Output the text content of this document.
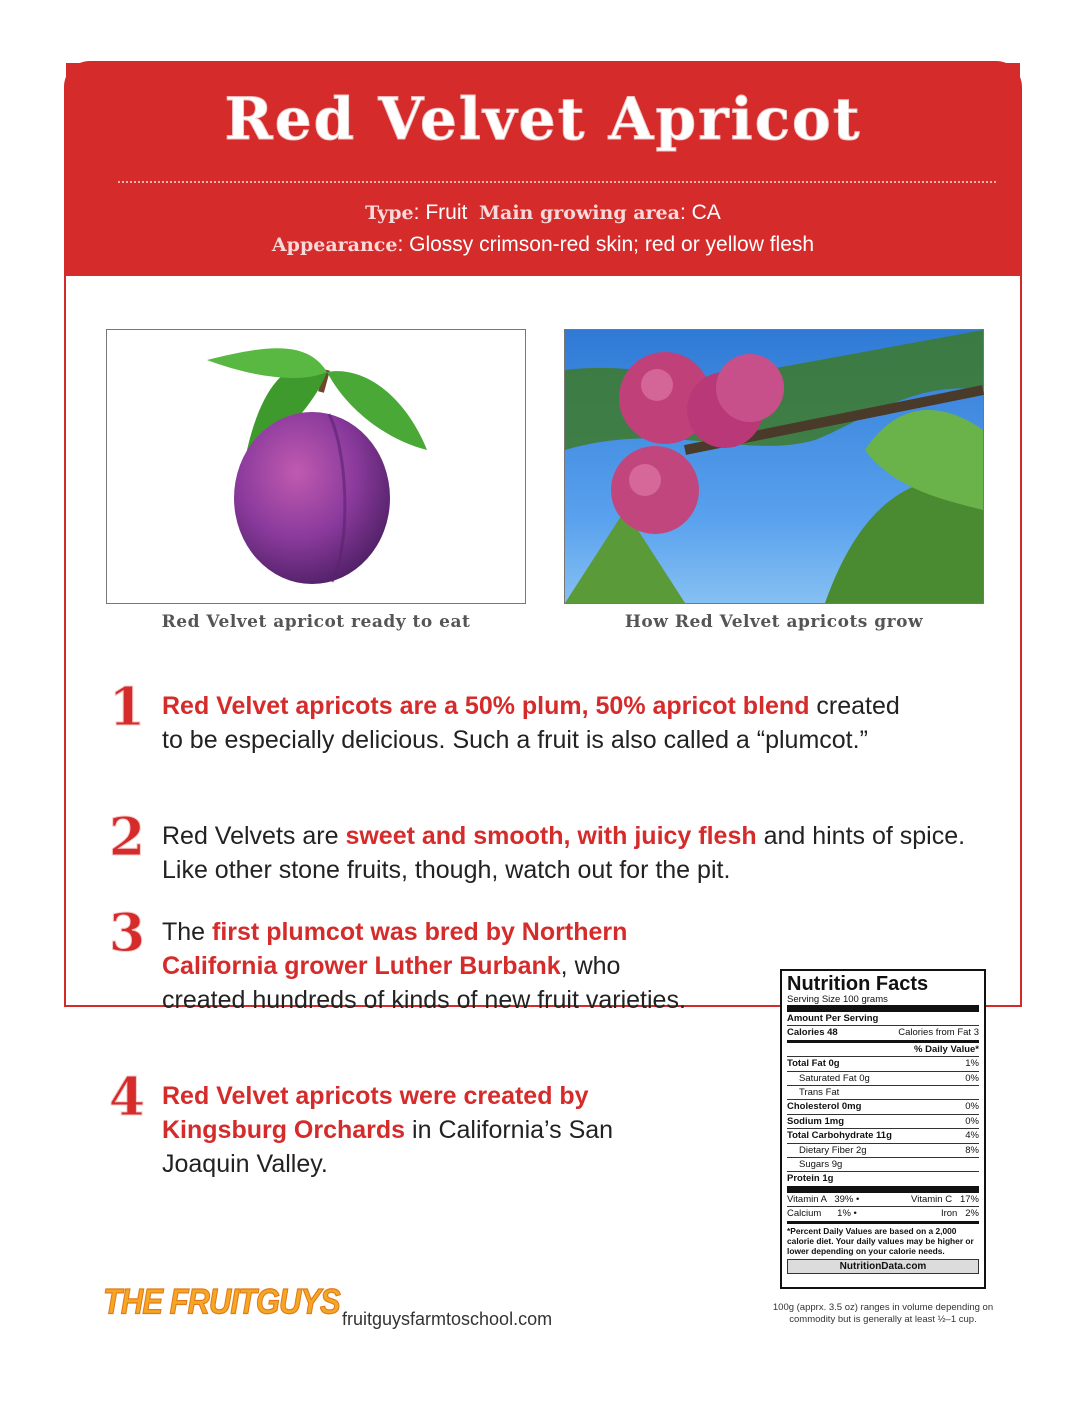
Red Velvet Apricot
Type: Fruit Main growing area: CA
Appearance: Glossy crimson-red skin; red or yellow flesh
Red Velvet apricot ready to eat	How Red Velvet apricots grow
1 Red Velvet apricots are a 50% plum, 50% apricot blend created to be especially delicious. Such a fruit is also called a “plumcot.”
2 Red Velvets are sweet and smooth, with juicy flesh and hints of spice. Like other stone fruits, though, watch out for the pit.
3 The first plumcot was bred by Northern California grower Luther Burbank, who created hundreds of kinds of new fruit varieties.
4 Red Velvet apricots were created by Kingsburg Orchards in California’s San Joaquin Valley.
Nutrition Facts
Serving Size 100 grams
Amount Per Serving
Calories 48	Calories from Fat 3
% Daily Value*
Total Fat 0g	1%
Saturated Fat 0g	0%
Trans Fat
Cholesterol 0mg	0%
Sodium 1mg	0%
Total Carbohydrate 11g	4%
Dietary Fiber 2g	8%
Sugars 9g
Protein 1g
Vitamin A 39% •	Vitamin C 17%
Calcium 1% •	Iron 2%
*Percent Daily Values are based on a 2,000 calorie diet. Your daily values may be higher or lower depending on your calorie needs.
NutritionData.com
100g (apprx. 3.5 oz) ranges in volume depending on commodity but is generally at least ½–1 cup.
THE FRUITGUYS fruitguysfarmtoschool.com
